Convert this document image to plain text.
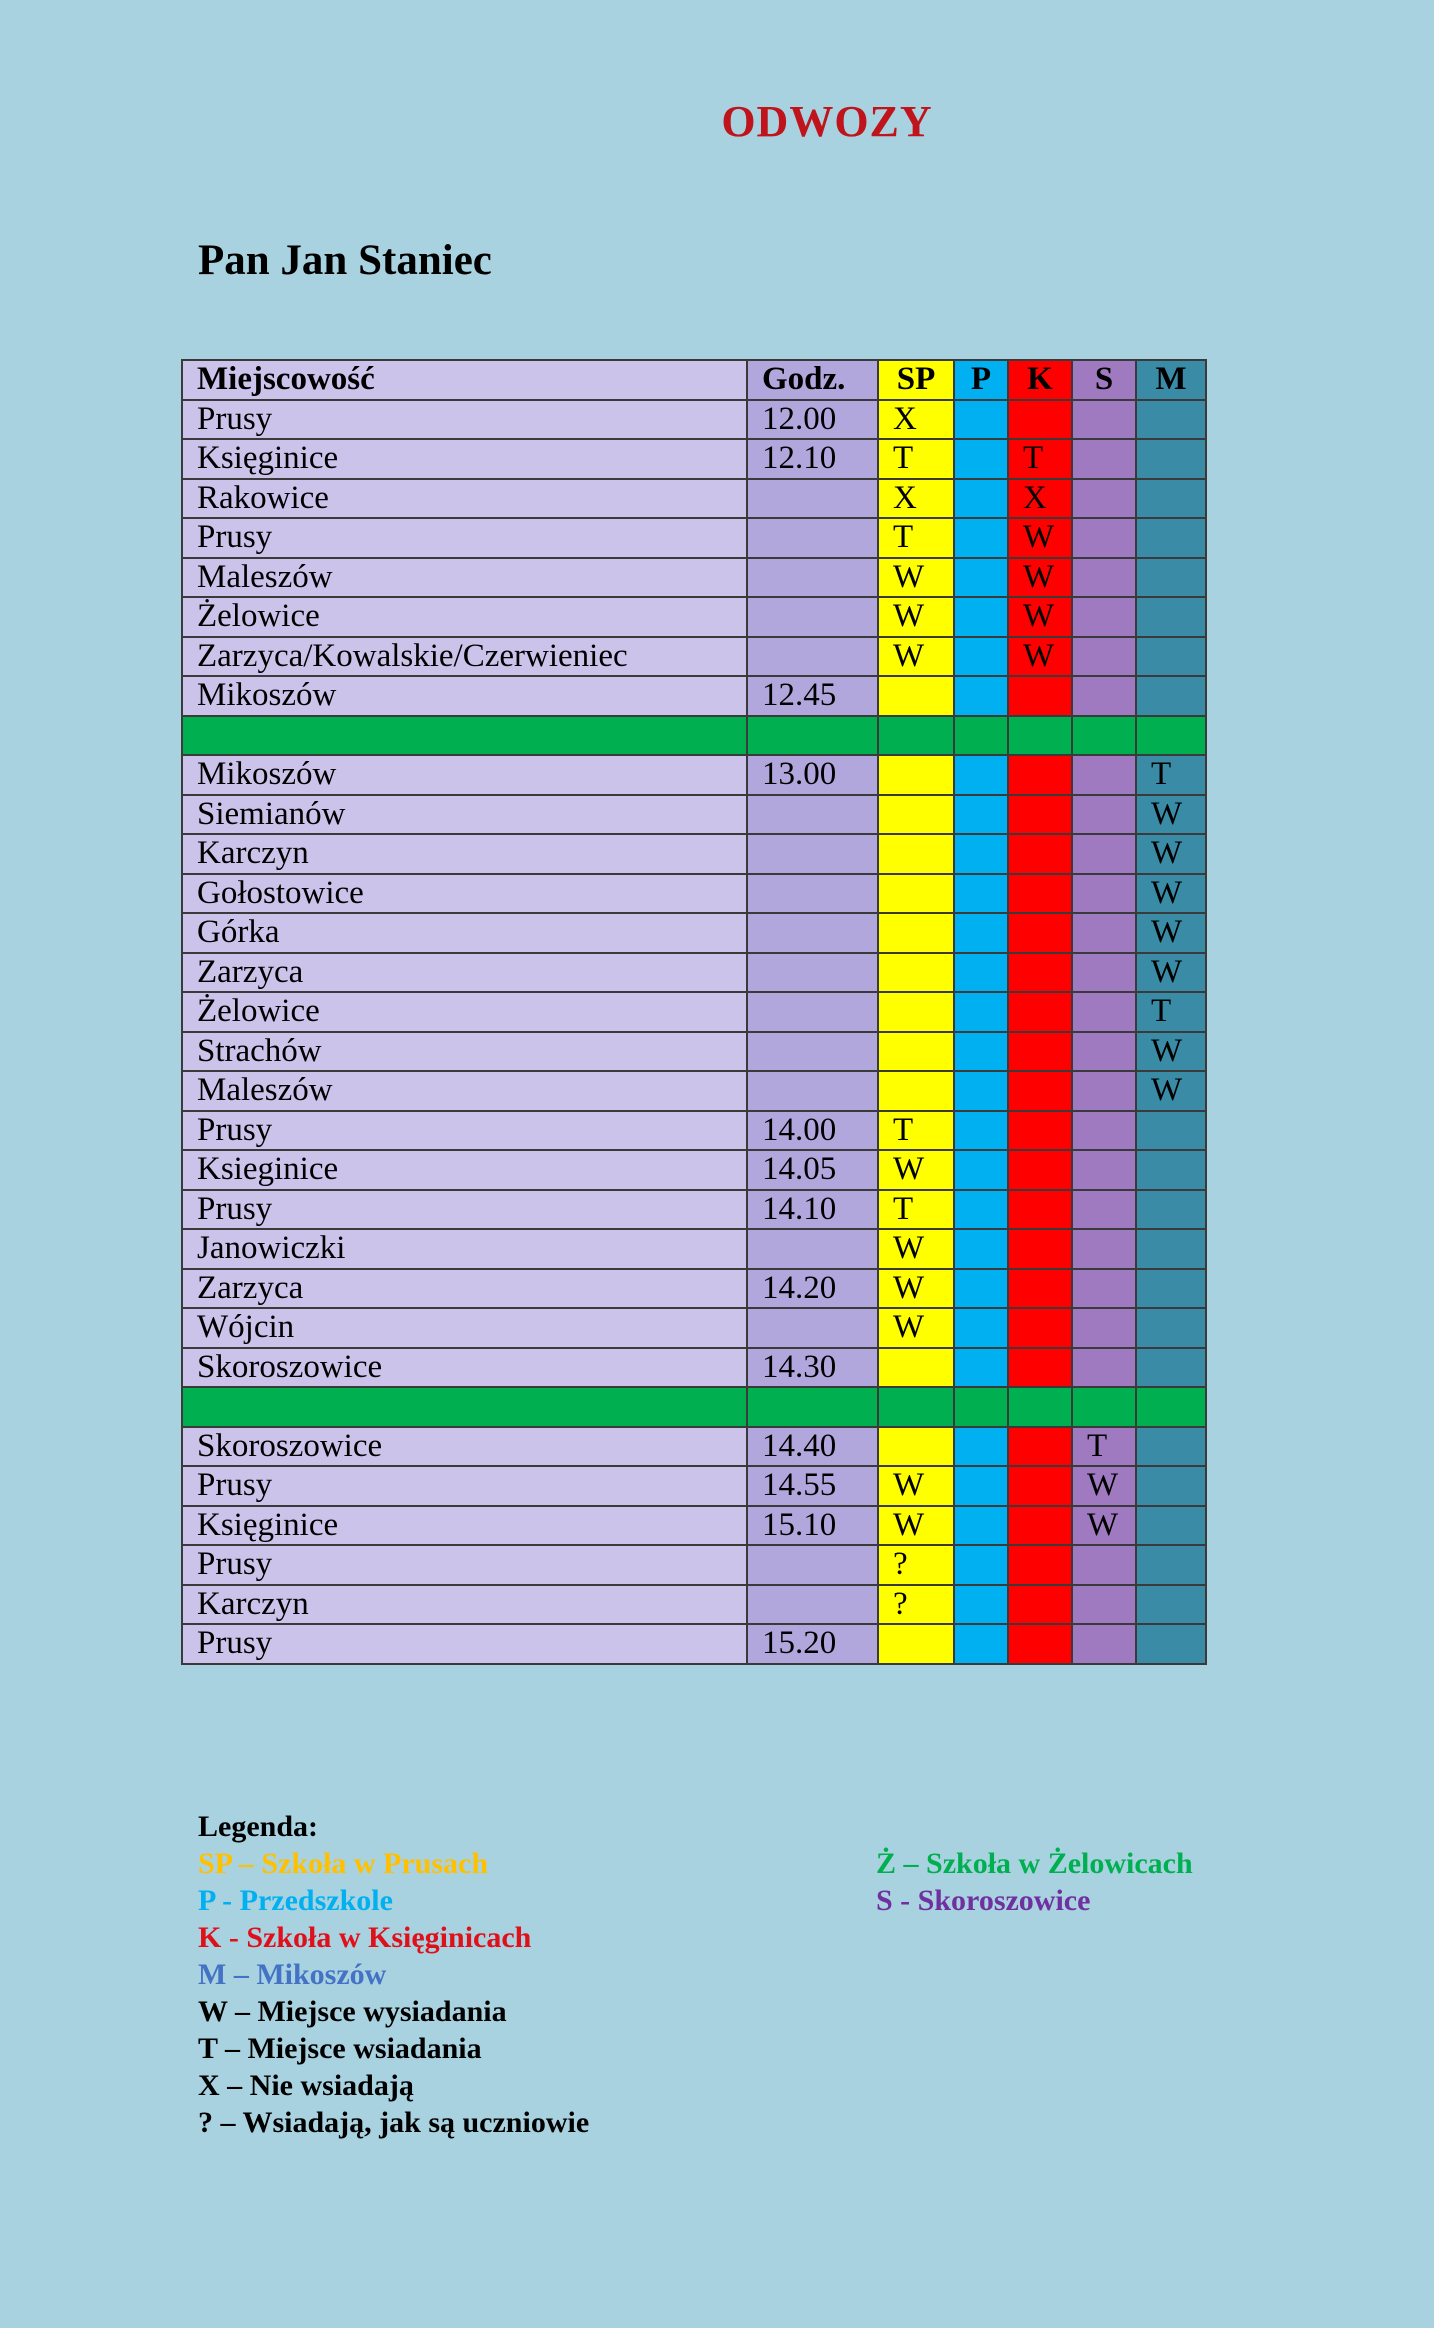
ODWOZY
Pan Jan Staniec
Miejscowość	Godz.	SP	P	K	S	M
Prusy	12.00	X				
Księginice	12.10	T		T		
Rakowice		X		X		
Prusy		T		W		
Maleszów		W		W		
Żelowice		W		W		
Zarzyca/Kowalskie/Czerwieniec		W		W		
Mikoszów	12.45					

Mikoszów	13.00					T
Siemianów						W
Karczyn						W
Gołostowice						W
Górka						W
Zarzyca						W
Żelowice						T
Strachów						W
Maleszów						W
Prusy	14.00	T				
Ksieginice	14.05	W				
Prusy	14.10	T				
Janowiczki		W				
Zarzyca	14.20	W				
Wójcin		W				
Skoroszowice	14.30					

Skoroszowice	14.40				T	
Prusy	14.55	W			W	
Księginice	15.10	W			W	
Prusy		?				
Karczyn		?				
Prusy	15.20					
Legenda:
SP – Szkoła w Prusach
P - Przedszkole
K - Szkoła w Księginicach
M – Mikoszów
W – Miejsce wysiadania
T – Miejsce wsiadania
X – Nie wsiadają
? – Wsiadają, jak są uczniowie
Ż – Szkoła w Żelowicach
S - Skoroszowice
